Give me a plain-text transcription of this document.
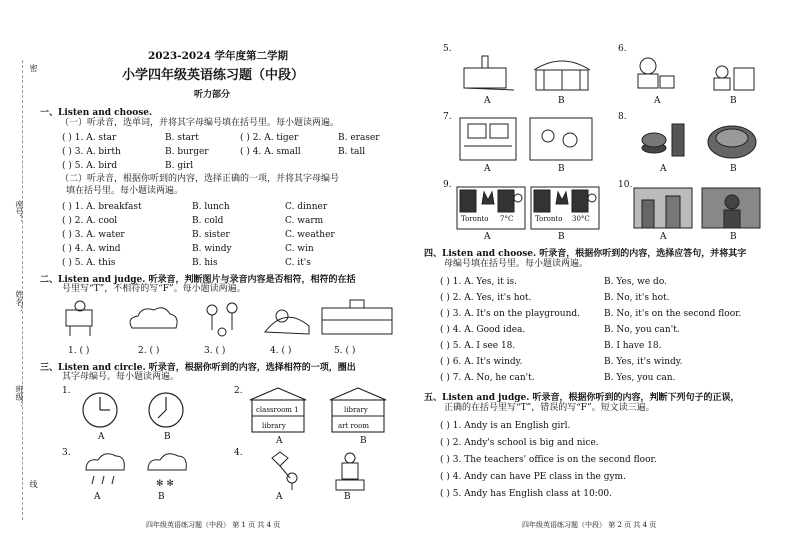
密
座号：
姓名：
班级：
线
2023-2024 学年度第二学期
小学四年级英语练习题（中段）
听力部分
一、Listen and choose.
（一）听录音，选单词，并将其字母编号填在括号里。每小题读两遍。
( ) 1. A. star	B. start	( ) 2. A. tiger	B. eraser
( ) 3. A. birth	B. burger	( ) 4. A. small	B. tall
( ) 5. A. bird	B. girl
（二）听录音，根据你听到的内容，选择正确的一项，并将其字母编号
填在括号里。每小题读两遍。
( ) 1. A. breakfast	B. lunch	C. dinner
( ) 2. A. cool	B. cold	C. warm
( ) 3. A. water	B. sister	C. weather
( ) 4. A. wind	B. windy	C. win
( ) 5. A. this	B. his	C. it's
二、Listen and judge. 听录音，判断图片与录音内容是否相符，相符的在括
号里写“T”，不相符的写“F”。每小题读两遍。
1. ( )	2. ( )	3. ( )	4. ( )	5. ( )
三、Listen and circle. 听录音，根据你听到的内容，选择相符的一项，圈出
其字母编号。每小题读两遍。
1.	2.
A	B
classroom 1
library
library
art room
A	B
3.	4.
✻ ✻
A	B
A	B
四年级英语练习题（中段） 第 1 页 共 4 页
5.	6.
A	B	A	B
7.	8.
A	B	A	B
9.	10.
Toronto 7°C	Toronto 30°C
A	B
A	B
四、Listen and choose. 听录音，根据你听到的内容，选择应答句，并将其字
母编号填在括号里。每小题读两遍。
( ) 1. A. Yes, it is.	B. Yes, we do.
( ) 2. A. Yes, it's hot.	B. No, it's hot.
( ) 3. A. It's on the playground.	B. No, it's on the second floor.
( ) 4. A. Good idea.	B. No, you can't.
( ) 5. A. I see 18.	B. I have 18.
( ) 6. A. It's windy.	B. Yes, it's windy.
( ) 7. A. No, he can't.	B. Yes, you can.
五、Listen and judge. 听录音，根据你听到的内容，判断下列句子的正误，
正确的在括号里写“T”，错误的写“F”。短文读三遍。
( ) 1. Andy is an English girl.
( ) 2. Andy's school is big and nice.
( ) 3. The teachers' office is on the second floor.
( ) 4. Andy can have PE class in the gym.
( ) 5. Andy has English class at 10:00.
四年级英语练习题（中段） 第 2 页 共 4 页
